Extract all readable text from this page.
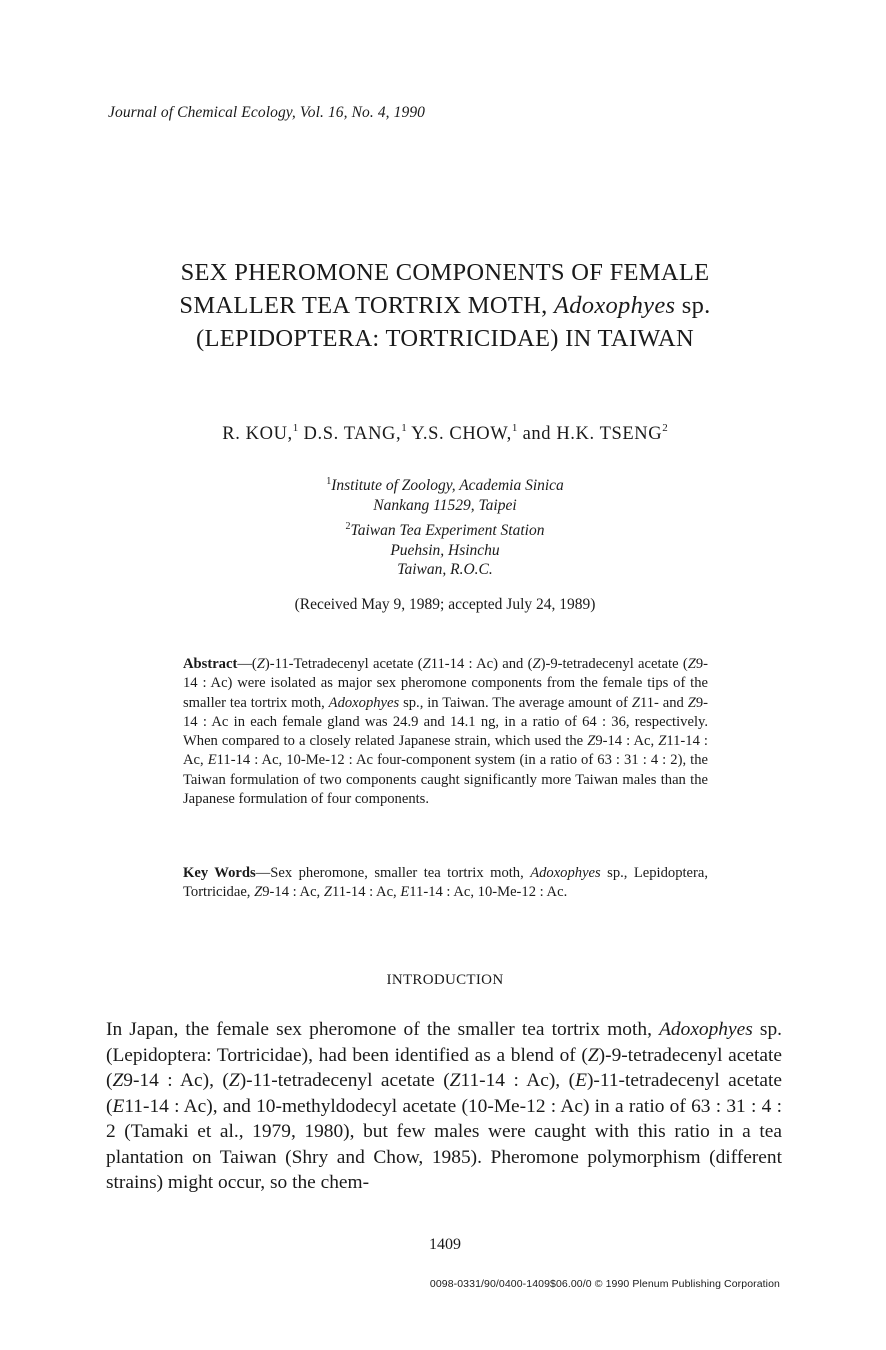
Journal of Chemical Ecology, Vol. 16, No. 4, 1990
SEX PHEROMONE COMPONENTS OF FEMALE
SMALLER TEA TORTRIX MOTH, Adoxophyes sp.
(LEPIDOPTERA: TORTRICIDAE) IN TAIWAN
R. KOU,$^1$ D.S. TANG,$^1$ Y.S. CHOW,$^1$ and H.K. TSENG$^2$
$^1$Institute of Zoology, Academia Sinica
Nankang 11529, Taipei
$^2$Taiwan Tea Experiment Station
Puehsin, Hsinchu
Taiwan, R.O.C.
(Received May 9, 1989; accepted July 24, 1989)

Abstract—(Z)-11-Tetradecenyl acetate (Z11-14 : Ac) and (Z)-9-tetradecenyl acetate (Z9-14 : Ac) were isolated as major sex pheromone components from the female tips of the smaller tea tortrix moth, Adoxophyes sp., in Taiwan. The average amount of Z11- and Z9-14 : Ac in each female gland was 24.9 and 14.1 ng, in a ratio of 64 : 36, respectively. When compared to a closely related Japanese strain, which used the Z9-14 : Ac, Z11-14 : Ac, E11-14 : Ac, 10-Me-12 : Ac four-component system (in a ratio of 63 : 31 : 4 : 2), the Taiwan formulation of two components caught significantly more Taiwan males than the Japanese formulation of four components.

Key Words—Sex pheromone, smaller tea tortrix moth, Adoxophyes sp., Lepidoptera, Tortricidae, Z9-14 : Ac, Z11-14 : Ac, E11-14 : Ac, 10-Me-12 : Ac.

INTRODUCTION

In Japan, the female sex pheromone of the smaller tea tortrix moth, Adoxophyes sp. (Lepidoptera: Tortricidae), had been identified as a blend of (Z)-9-tetradecenyl acetate (Z9-14 : Ac), (Z)-11-tetradecenyl acetate (Z11-14 : Ac), (E)-11-tetradecenyl acetate (E11-14 : Ac), and 10-methyldodecyl acetate (10-Me-12 : Ac) in a ratio of 63 : 31 : 4 : 2 (Tamaki et al., 1979, 1980), but few males were caught with this ratio in a tea plantation on Taiwan (Shry and Chow, 1985). Pheromone polymorphism (different strains) might occur, so the chem-

1409
0098-0331/90/0400-1409$06.00/0 © 1990 Plenum Publishing Corporation
